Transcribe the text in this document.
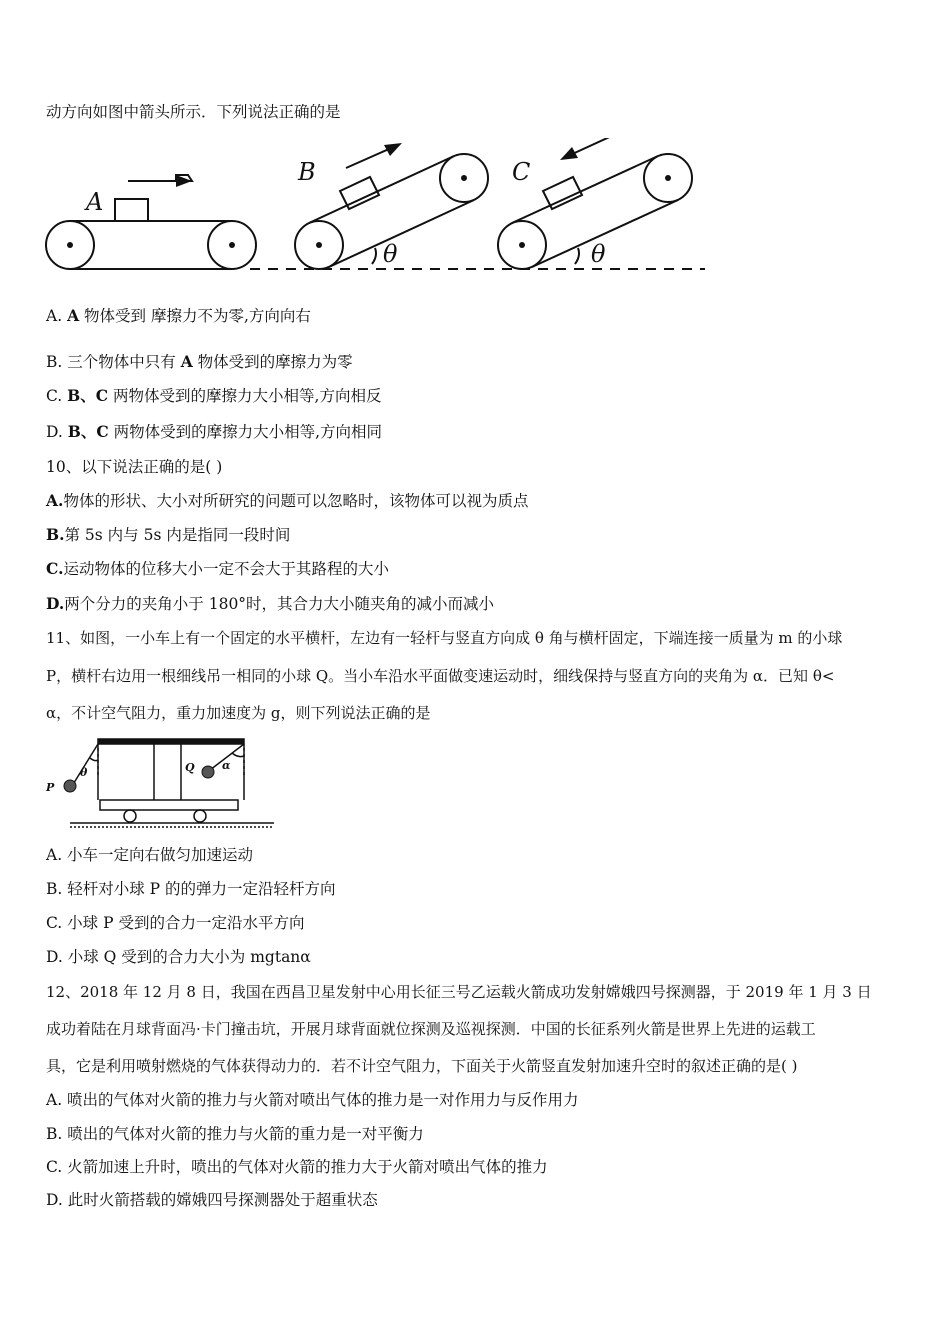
动方向如图中箭头所示．下列说法正确的是
A
B	C
θ	θ
A. A 物体受到 摩擦力不为零,方向向右
B. 三个物体中只有 A 物体受到的摩擦力为零
C. B、C 两物体受到的摩擦力大小相等,方向相反
D. B、C 两物体受到的摩擦力大小相等,方向相同
10、以下说法正确的是( )
A.物体的形状、大小对所研究的问题可以忽略时，该物体可以视为质点
B.第 5s 内与 5s 内是指同一段时间
C.运动物体的位移大小一定不会大于其路程的大小
D.两个分力的夹角小于 180°时，其合力大小随夹角的减小而减小
11、如图，一小车上有一个固定的水平横杆，左边有一轻杆与竖直方向成 θ 角与横杆固定，下端连接一质量为 m 的小球
P，横杆右边用一根细线吊一相同的小球 Q。当小车沿水平面做变速运动时，细线保持与竖直方向的夹角为 α．已知 θ<
α，不计空气阻力，重力加速度为 g，则下列说法正确的是
P
Q
θ
α
A. 小车一定向右做匀加速运动
B. 轻杆对小球 P 的的弹力一定沿轻杆方向
C. 小球 P 受到的合力一定沿水平方向
D. 小球 Q 受到的合力大小为 mgtanα
12、2018 年 12 月 8 日，我国在西昌卫星发射中心用长征三号乙运载火箭成功发射嫦娥四号探测器，于 2019 年 1 月 3 日
成功着陆在月球背面冯·卡门撞击坑，开展月球背面就位探测及巡视探测．中国的长征系列火箭是世界上先进的运载工
具，它是利用喷射燃烧的气体获得动力的．若不计空气阻力，下面关于火箭竖直发射加速升空时的叙述正确的是( )
A. 喷出的气体对火箭的推力与火箭对喷出气体的推力是一对作用力与反作用力
B. 喷出的气体对火箭的推力与火箭的重力是一对平衡力
C. 火箭加速上升时，喷出的气体对火箭的推力大于火箭对喷出气体的推力
D. 此时火箭搭载的嫦娥四号探测器处于超重状态
